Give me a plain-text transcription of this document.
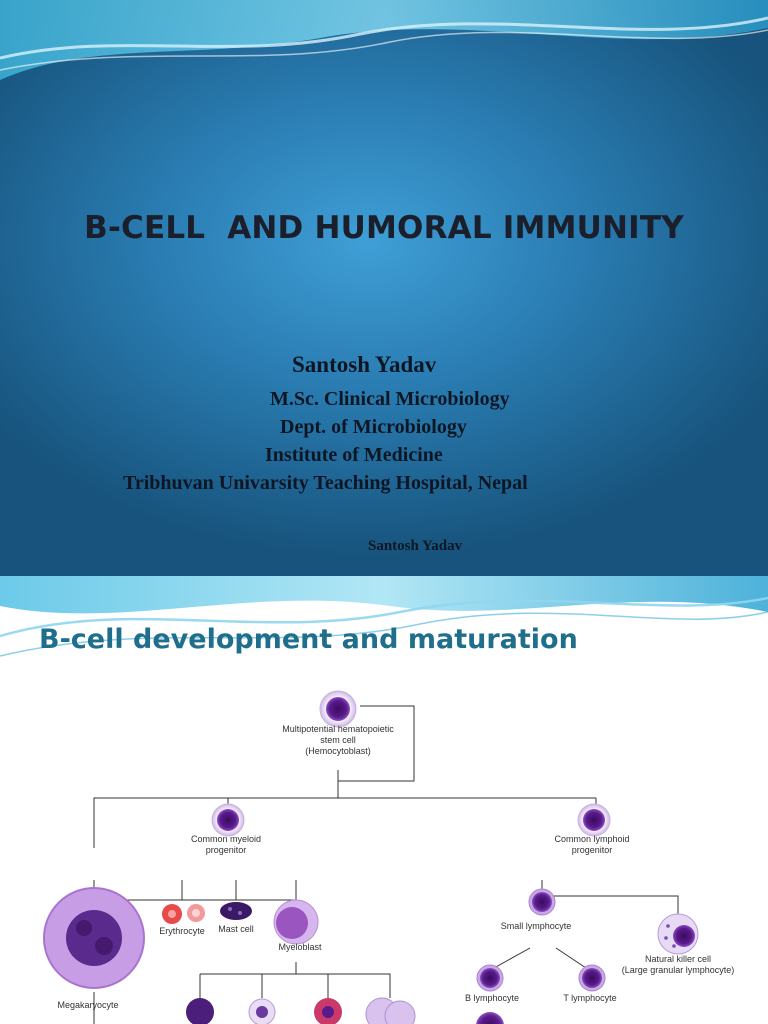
B-CELL  AND HUMORAL IMMUNITY
Santosh Yadav
M.Sc. Clinical Microbiology
Dept. of Microbiology
Institute of Medicine
Tribhuvan Univarsity Teaching Hospital, Nepal
Santosh Yadav
B-cell development and maturation
Multipotential hematopoietic
stem cell
(Hemocytoblast)
Common myeloid
progenitor
Common lymphoid
progenitor
Erythrocyte Mast cell
Myeloblast
Megakaryocyte
Small lymphocyte
B lymphocyte	T lymphocyte
Natural killer cell
(Large granular lymphocyte)
